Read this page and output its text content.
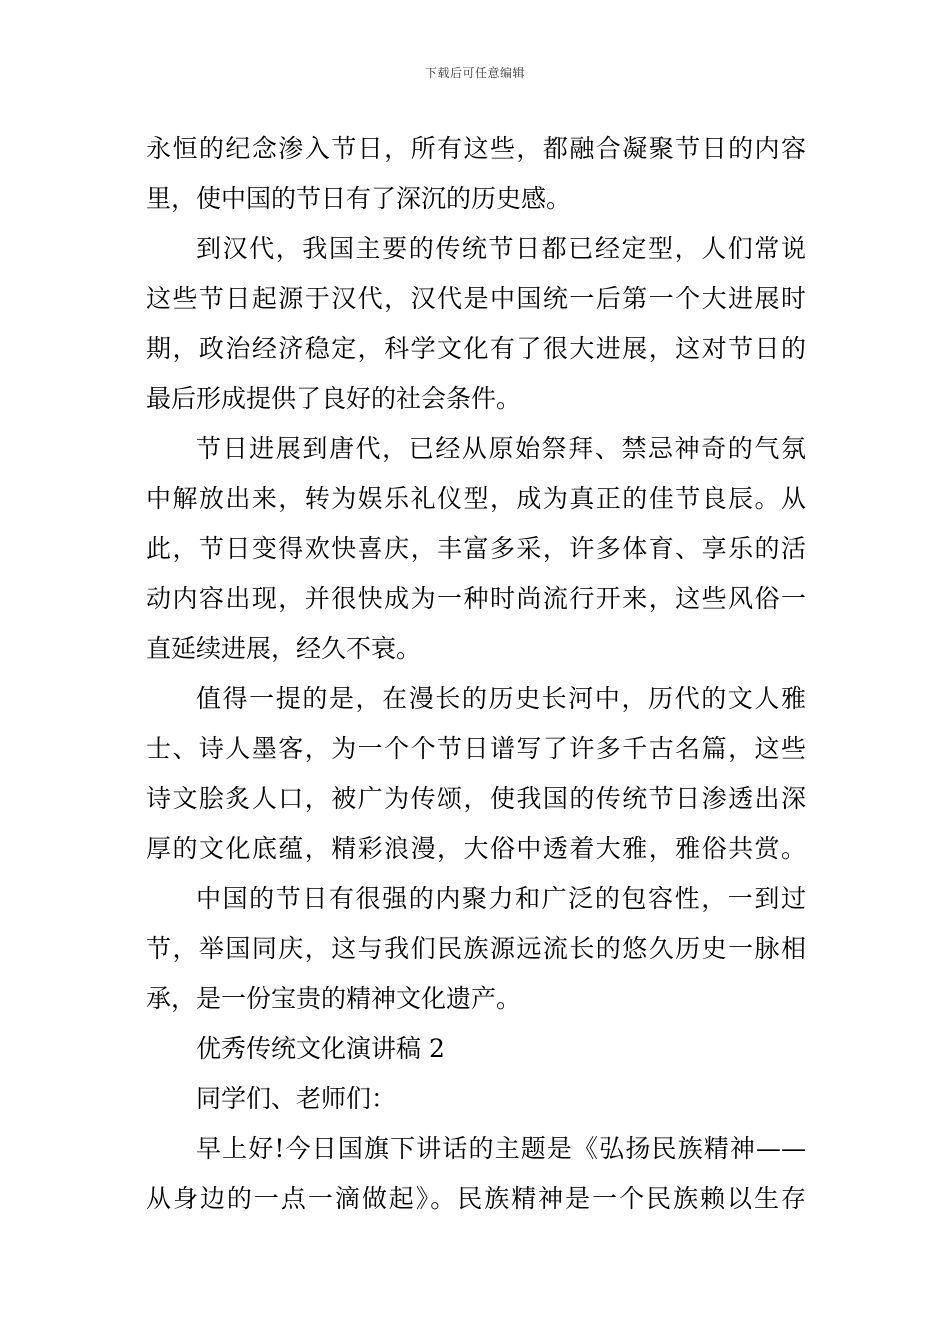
下载后可任意编辑
永恒的纪念渗入节日，所有这些，都融合凝聚节日的内容
里，使中国的节日有了深沉的历史感。
到汉代，我国主要的传统节日都已经定型，人们常说
这些节日起源于汉代，汉代是中国统一后第一个大进展时
期，政治经济稳定，科学文化有了很大进展，这对节日的
最后形成提供了良好的社会条件。
节日进展到唐代，已经从原始祭拜、禁忌神奇的气氛
中解放出来，转为娱乐礼仪型，成为真正的佳节良辰。从
此，节日变得欢快喜庆，丰富多采，许多体育、享乐的活
动内容出现，并很快成为一种时尚流行开来，这些风俗一
直延续进展，经久不衰。
值得一提的是，在漫长的历史长河中，历代的文人雅
士、诗人墨客，为一个个节日谱写了许多千古名篇，这些
诗文脍炙人口，被广为传颂，使我国的传统节日渗透出深
厚的文化底蕴，精彩浪漫，大俗中透着大雅，雅俗共赏。
中国的节日有很强的内聚力和广泛的包容性，一到过
节，举国同庆，这与我们民族源远流长的悠久历史一脉相
承，是一份宝贵的精神文化遗产。
优秀传统文化演讲稿 2
同学们、老师们：
早上好!今日国旗下讲话的主题是《弘扬民族精神——
从身边的一点一滴做起》。民族精神是一个民族赖以生存
